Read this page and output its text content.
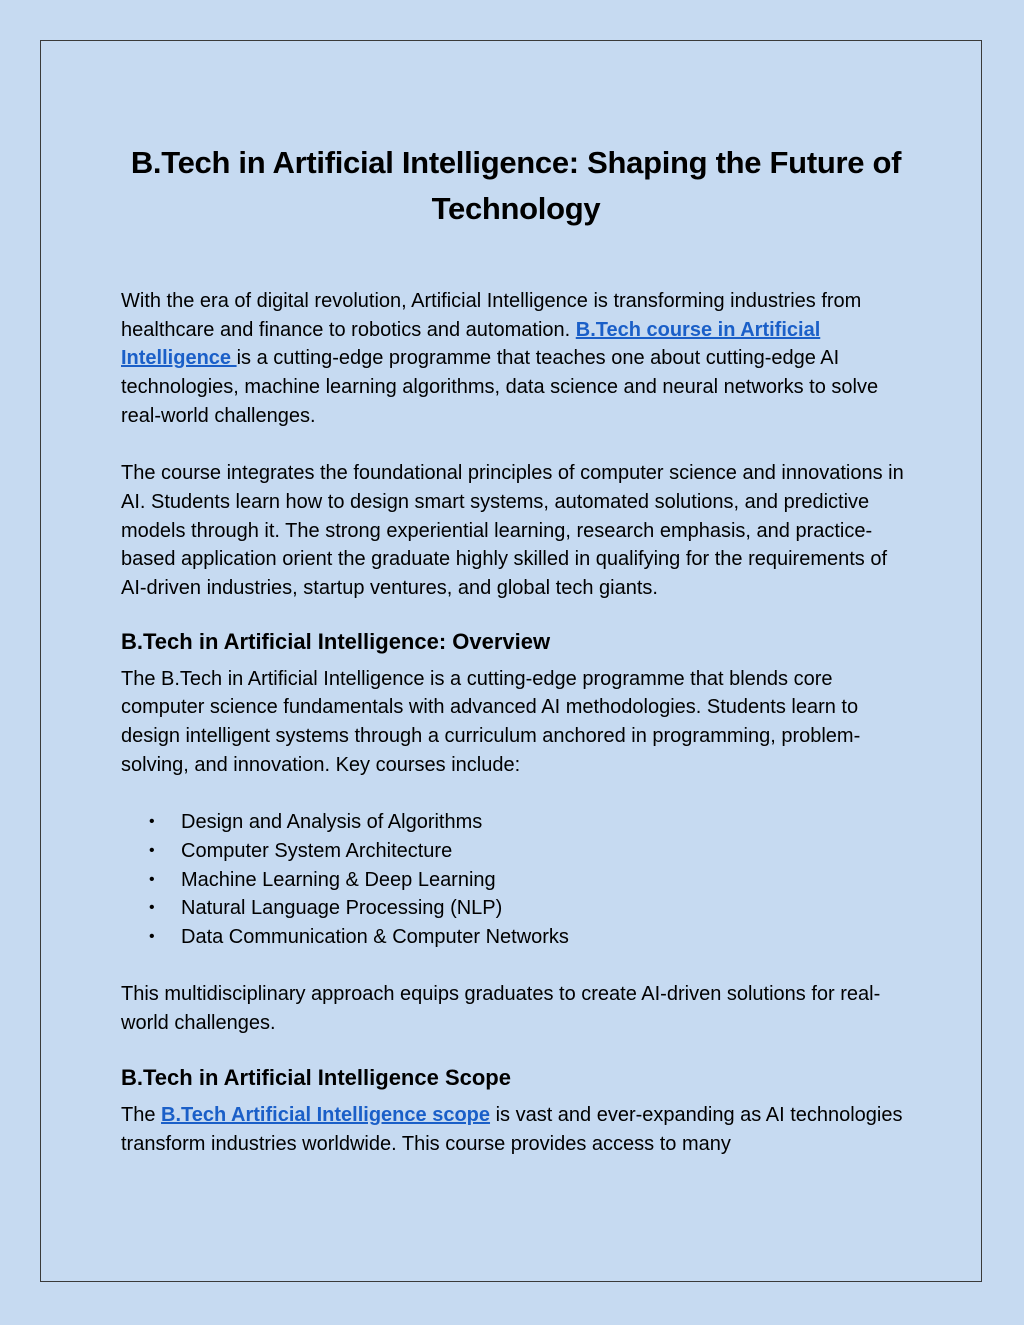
B.Tech in Artificial Intelligence: Shaping the Future of Technology

With the era of digital revolution, Artificial Intelligence is transforming industries from healthcare and finance to robotics and automation. B.Tech course in Artificial Intelligence is a cutting-edge programme that teaches one about cutting-edge AI technologies, machine learning algorithms, data science and neural networks to solve real-world challenges.

The course integrates the foundational principles of computer science and innovations in AI. Students learn how to design smart systems, automated solutions, and predictive models through it. The strong experiential learning, research emphasis, and practice-based application orient the graduate highly skilled in qualifying for the requirements of AI-driven industries, startup ventures, and global tech giants.

B.Tech in Artificial Intelligence: Overview

The B.Tech in Artificial Intelligence is a cutting-edge programme that blends core computer science fundamentals with advanced AI methodologies. Students learn to design intelligent systems through a curriculum anchored in programming, problem-solving, and innovation. Key courses include:

• Design and Analysis of Algorithms
• Computer System Architecture
• Machine Learning & Deep Learning
• Natural Language Processing (NLP)
• Data Communication & Computer Networks

This multidisciplinary approach equips graduates to create AI-driven solutions for real-world challenges.

B.Tech in Artificial Intelligence Scope

The B.Tech Artificial Intelligence scope is vast and ever-expanding as AI technologies transform industries worldwide. This course provides access to many
